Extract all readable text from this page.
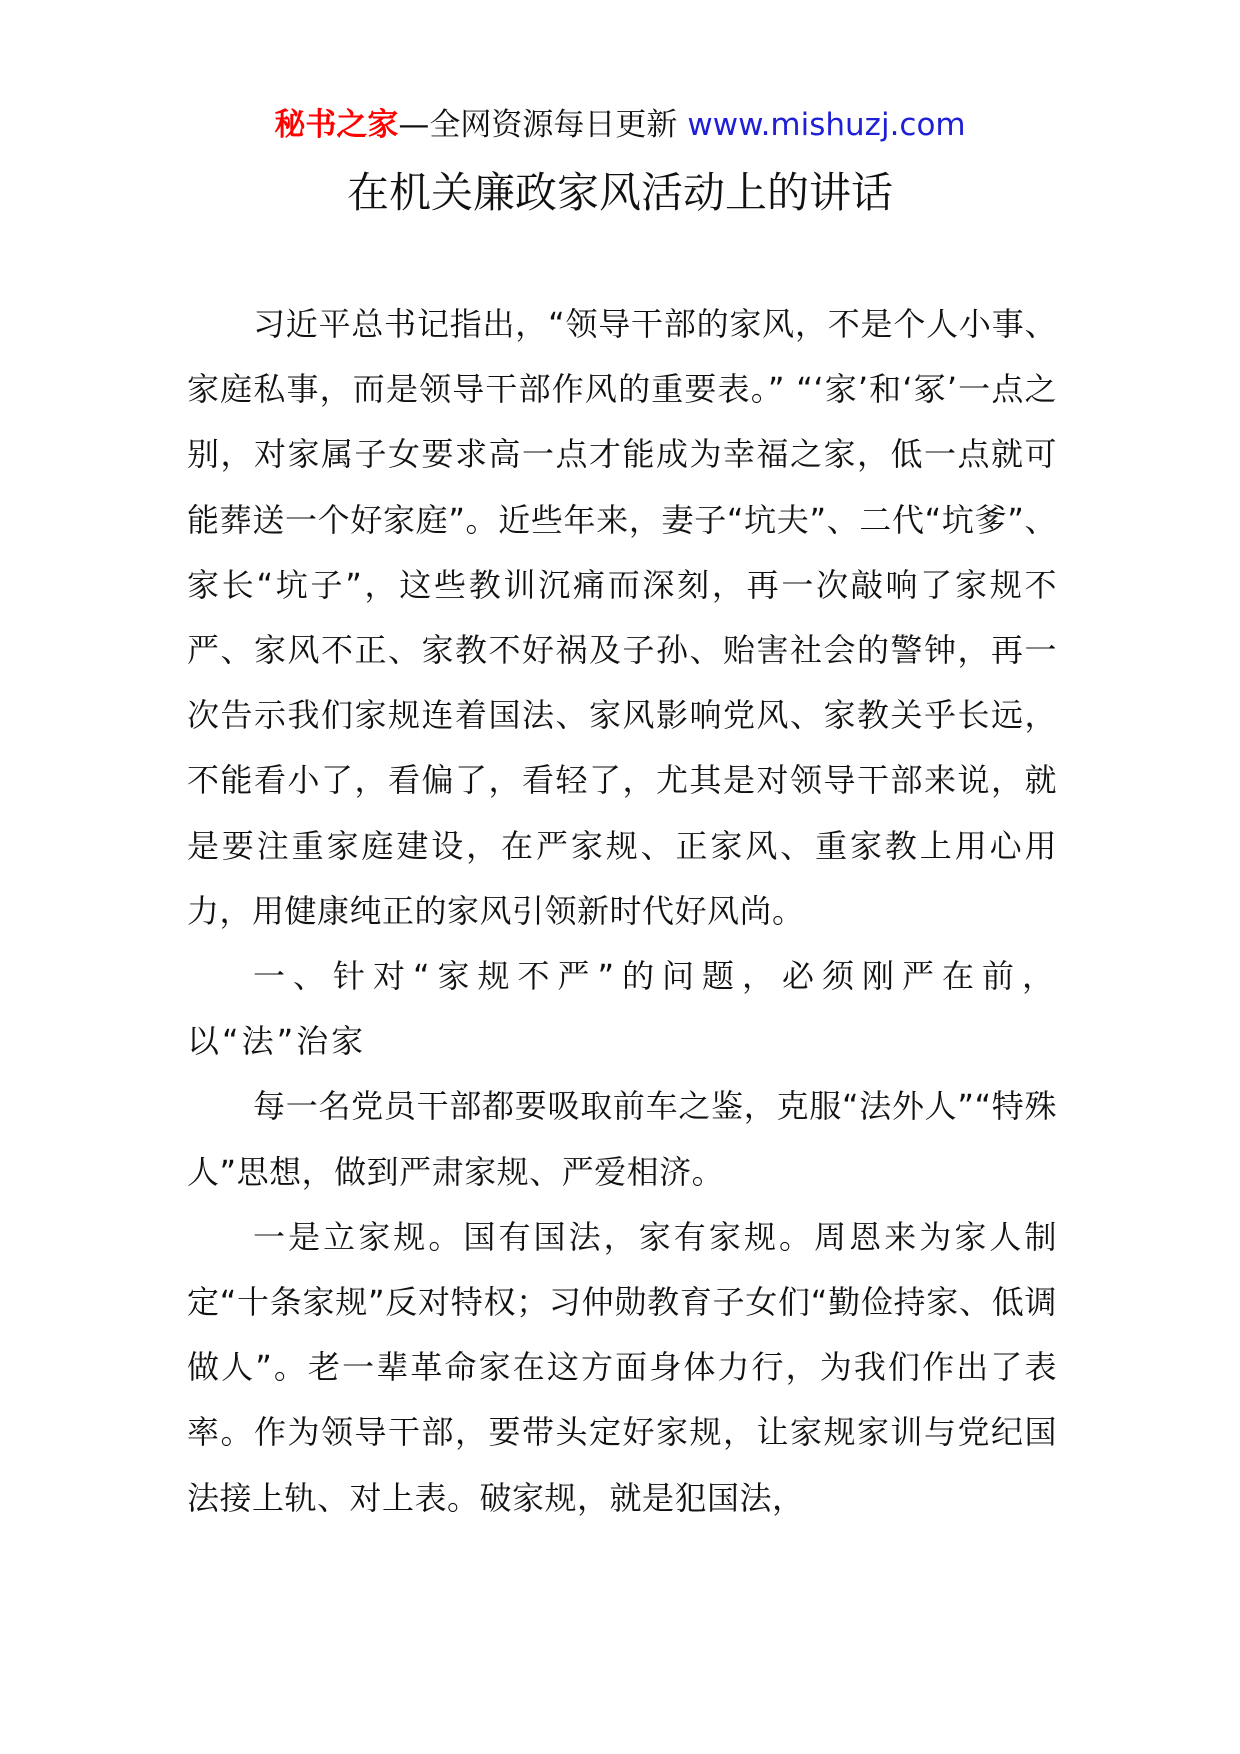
秘书之家—全网资源每日更新 www.mishuzj.com
在机关廉政家风活动上的讲话

习近平总书记指出，“领导干部的家风，不是个人小事、家庭私事，而是领导干部作风的重要表。” “‘家’和‘冢’一点之别，对家属子女要求高一点才能成为幸福之家，低一点就可能葬送一个好家庭”。近些年来，妻子“坑夫”、二代“坑爹”、家长“坑子”，这些教训沉痛而深刻，再一次敲响了家规不严、家风不正、家教不好祸及子孙、贻害社会的警钟，再一次告示我们家规连着国法、家风影响党风、家教关乎长远，不能看小了，看偏了，看轻了，尤其是对领导干部来说，就是要注重家庭建设，在严家规、正家风、重家教上用心用力，用健康纯正的家风引领新时代好风尚。

一、针对“家规不严”的问题，必须刚严在前，以“法”治家

每一名党员干部都要吸取前车之鉴，克服“法外人”“特殊人”思想，做到严肃家规、严爱相济。

一是立家规。国有国法，家有家规。周恩来为家人制定“十条家规”反对特权；习仲勋教育子女们“勤俭持家、低调做人”。老一辈革命家在这方面身体力行，为我们作出了表率。作为领导干部，要带头定好家规，让家规家训与党纪国法接上轨、对上表。破家规，就是犯国法，
